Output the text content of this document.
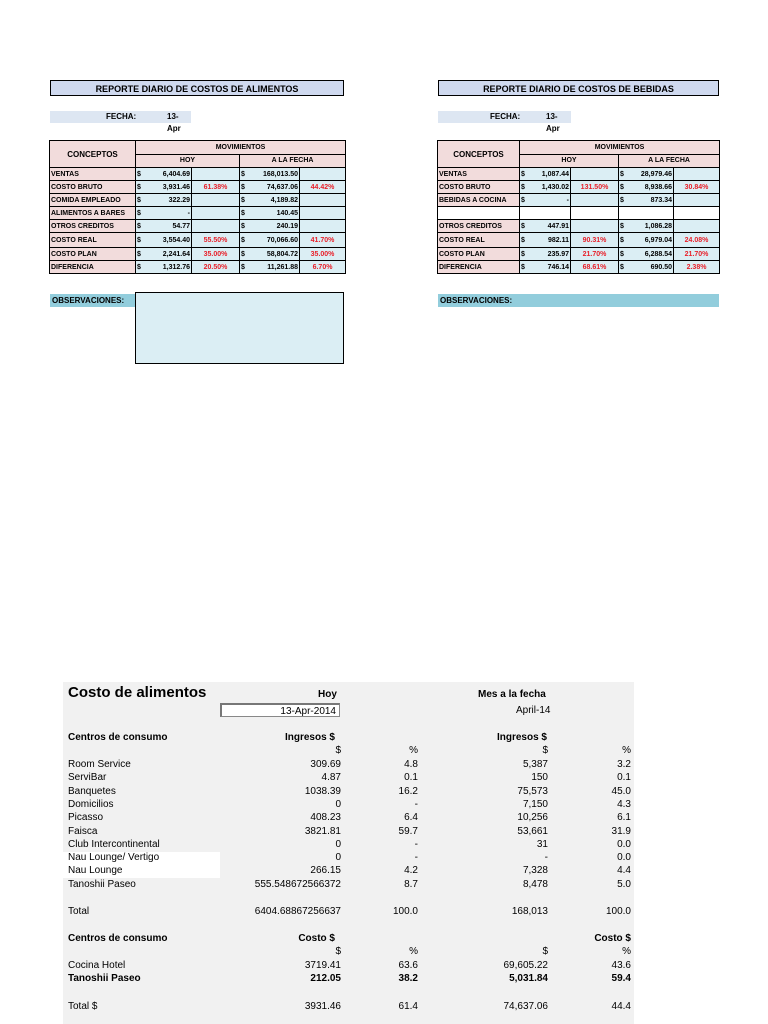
REPORTE DIARIO DE COSTOS DE ALIMENTOS
FECHA:	13-Apr
CONCEPTOS	MOVIMIENTOS					
	HOY			A LA FECHA		
VENTAS	$	6,404.69		$	168,013.50	
COSTO BRUTO	$	3,931.46	61.38%	$	74,637.06	44.42%
COMIDA EMPLEADO	$	322.29		$	4,189.82	
ALIMENTOS A BARES	$	-		$	140.45	
OTROS CREDITOS	$	54.77		$	240.19	
COSTO REAL	$	3,554.40	55.50%	$	70,066.60	41.70%
COSTO PLAN	$	2,241.64	35.00%	$	58,804.72	35.00%
DIFERENCIA	$	1,312.76	20.50%	$	11,261.88	6.70%
OBSERVACIONES:
REPORTE DIARIO DE COSTOS DE BEBIDAS
FECHA:	13-Apr
CONCEPTOS	MOVIMIENTOS					
	HOY			A LA FECHA		
VENTAS	$	1,087.44		$	28,979.46	
COSTO BRUTO	$	1,430.02	131.50%	$	8,938.66	30.84%
BEBIDAS A COCINA	$	-		$	873.34	

OTROS CREDITOS	$	447.91		$	1,086.28	
COSTO REAL	$	982.11	90.31%	$	6,979.04	24.08%
COSTO PLAN	$	235.97	21.70%	$	6,288.54	21.70%
DIFERENCIA	$	746.14	68.61%	$	690.50	2.38%
OBSERVACIONES:
Costo de alimentos	Hoy
13-Apr-2014
Mes a la fecha
April-14
Centros de consumo	Ingresos $	Ingresos $
$	%	$	%
Room Service	309.69	4.8	5,387	3.2
ServiBar	4.87	0.1	150	0.1
Banquetes	1038.39	16.2	75,573	45.0
Domicilios	0	-	7,150	4.3
Picasso	408.23	6.4	10,256	6.1
Faisca	3821.81	59.7	53,661	31.9
Club Intercontinental	0	-	31	0.0
Nau Lounge/ Vertigo	0	-	-	0.0
Nau Lounge	266.15	4.2	7,328	4.4
Tanoshii Paseo	555.548672566372	8.7	8,478	5.0
Total	6404.68867256637	100.0	168,013	100.0
Centros de consumo	Costo $	Costo $
$	%	$	%
Cocina Hotel	3719.41	63.6	69,605.22	43.6
Tanoshii Paseo	212.05	38.2	5,031.84	59.4
Total $	3931.46	61.4	74,637.06	44.4
